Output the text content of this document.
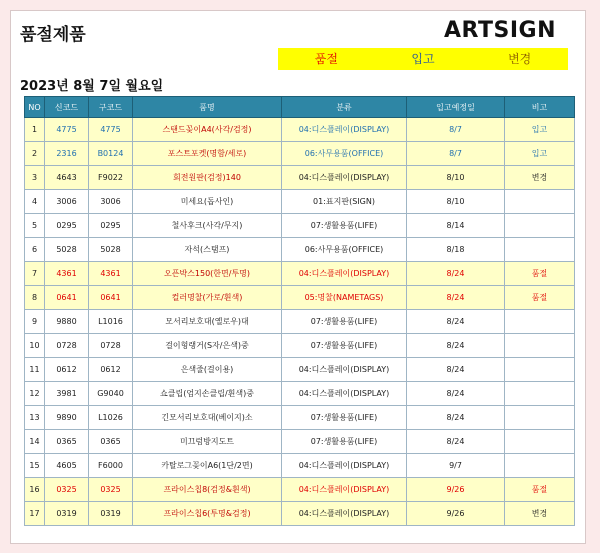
품절제품	ARTSIGN
품절	입고	변경
2023년 8월 7일 월요일
NO	신코드	구코드	품명	분류	입고예정일	비고
1	4775	4775	스탠드꽂이A4(사각/검정)	04:디스플레이(DISPLAY)	8/7	입고
2	2316	B0124	포스트포켓(명함/세로)	06:사무용품(OFFICE)	8/7	입고
3	4643	F9022	회전원판(검정)140	04:디스플레이(DISPLAY)	8/10	변경
4	3006	3006	미세요(돕사인)	01:표지판(SIGN)	8/10	
5	0295	0295	철사후크(사각/무지)	07:생활용품(LIFE)	8/14	
6	5028	5028	자석(스탬프)	06:사무용품(OFFICE)	8/18	
7	4361	4361	오픈박스150(한면/투명)	04:디스플레이(DISPLAY)	8/24	품절
8	0641	0641	컬러명찰(가로/흰색)	05:명찰(NAMETAGS)	8/24	품절
9	9880	L1016	모서리보호대(옐로우)대	07:생활용품(LIFE)	8/24	
10	0728	0728	걸이형랭거(S자/은색)중	07:생활용품(LIFE)	8/24	
11	0612	0612	은색줄(걸이용)	04:디스플레이(DISPLAY)	8/24	
12	3981	G9040	쇼클립(엄지손클립/흰색)중	04:디스플레이(DISPLAY)	8/24	
13	9890	L1026	긴모서리보호대(베이지)소	07:생활용품(LIFE)	8/24	
14	0365	0365	미끄럼방지도트	07:생활용품(LIFE)	8/24	
15	4605	F6000	카탈로그꽂이A6(1단/2면)	04:디스플레이(DISPLAY)	9/7	
16	0325	0325	프라이스칩8(검정&흰색)	04:디스플레이(DISPLAY)	9/26	품절
17	0319	0319	프라이스칩6(투명&검정)	04:디스플레이(DISPLAY)	9/26	변경
